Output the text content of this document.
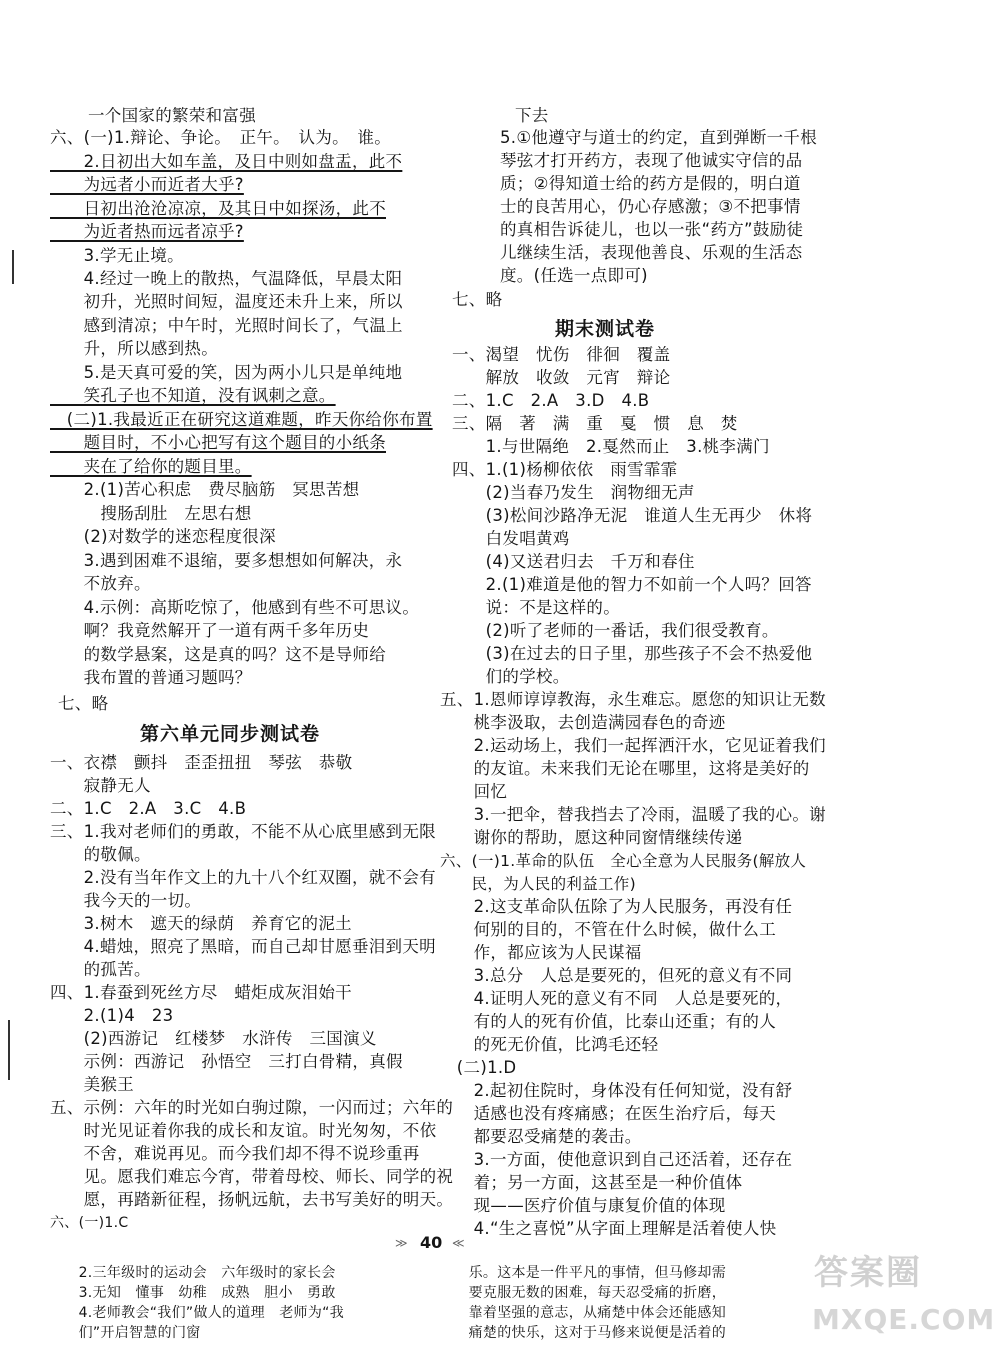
一个国家的繁荣和富强
六、(一)1.辩论、争论。　正午。　认为。　谁。
　　2.日初出大如车盖，及日中则如盘盂，此不
　　为远者小而近者大乎?
　　日初出沧沧凉凉，及其日中如探汤，此不
　　为近者热而远者凉乎?
　　3.学无止境。
　　4.经过一晚上的散热，气温降低，早晨太阳
　　初升，光照时间短，温度还未升上来，所以
　　感到清凉；中午时，光照时间长了，气温上
　　升，所以感到热。
　　5.是天真可爱的笑，因为两小儿只是单纯地
　　笑孔子也不知道，没有讽刺之意。
　(二)1.我最近正在研究这道难题，昨天你给你布置
　　题目时，不小心把写有这个题目的小纸条
　　夹在了给你的题目里。
　　2.(1)苦心积虑　费尽脑筋　冥思苦想
　　　搜肠刮肚　左思右想
　　(2)对数学的迷恋程度很深
　　3.遇到困难不退缩，要多想想如何解决，永
　　不放弃。
　　4.示例：高斯吃惊了，他感到有些不可思议。
　　啊？我竟然解开了一道有两千多年历史
　　的数学悬案，这是真的吗？这不是导师给
　　我布置的普通习题吗？
七、略
第六单元同步测试卷
一、衣襟　颤抖　歪歪扭扭　琴弦　恭敬
　　寂静无人
二、1.C　2.A　3.C　4.B
三、1.我对老师们的勇敢，不能不从心底里感到无限
　　的敬佩。
　　2.没有当年作文上的九十八个红双圈，就不会有
　　我今天的一切。
　　3.树木　遮天的绿荫　养育它的泥土
　　4.蜡烛，照亮了黑暗，而自己却甘愿垂泪到天明
　　的孤苦。
四、1.春蚕到死丝方尽　蜡炬成灰泪始干
　　2.(1)4　23
　　(2)西游记　红楼梦　水浒传　三国演义
　　示例：西游记　孙悟空　三打白骨精，真假
　　美猴王
五、示例：六年的时光如白驹过隙，一闪而过；六年的
　　时光见证着你我的成长和友谊。时光匆匆，不依
　　不舍，难说再见。而今我们却不得不说珍重再
　　见。愿我们难忘今宵，带着母校、师长、同学的祝
　　愿，再踏新征程，扬帆远航，去书写美好的明天。
六、(一)1.C
下去
5.①他遵守与道士的约定，直到弹断一千根
琴弦才打开药方，表现了他诚实守信的品
质；②得知道士给的药方是假的，明白道
士的良苦用心，仍心存感激；③不把事情
的真相告诉徒儿，也以一张“药方”鼓励徒
儿继续生活，表现他善良、乐观的生活态
度。(任选一点即可)
七、略
期末测试卷
一、渴望　忧伤　徘徊　覆盖
　　解放　收敛　元宵　辩论
二、1.C　2.A　3.D　4.B
三、隔　著　满　重　戛　惯　息　焚
　　1.与世隔绝　2.戛然而止　3.桃李满门
四、1.(1)杨柳依依　雨雪霏霏
　　(2)当春乃发生　润物细无声
　　(3)松间沙路净无泥　谁道人生无再少　休将
　　白发唱黄鸡
　　(4)又送君归去　千万和春住
　　2.(1)难道是他的智力不如前一个人吗？回答
　　说：不是这样的。
　　(2)听了老师的一番话，我们很受教育。
　　(3)在过去的日子里，那些孩子不会不热爱他
　　们的学校。
五、1.恩师谆谆教海，永生难忘。愿您的知识让无数
　　桃李汲取，去创造满园春色的奇迹
　　2.运动场上，我们一起挥洒汗水，它见证着我们
　　的友谊。未来我们无论在哪里，这将是美好的
　　回忆
　　3.一把伞，替我挡去了冷雨，温暖了我的心。谢
　　谢你的帮助，愿这种同窗情继续传递
六、(一)1.革命的队伍　全心全意为人民服务(解放人
　　民，为人民的利益工作)
　　2.这支革命队伍除了为人民服务，再没有任
　　何别的目的，不管在什么时候，做什么工
　　作，都应该为人民谋福
　　3.总分　人总是要死的，但死的意义有不同
　　4.证明人死的意义有不同　人总是要死的，
　　有的人的死有价值，比泰山还重；有的人
　　的死无价值，比鸿毛还轻
　(二)1.D
　　2.起初住院时，身体没有任何知觉，没有舒
　　适感也没有疼痛感；在医生治疗后，每天
　　都要忍受痛楚的袭击。
　　3.一方面，使他意识到自己还活着，还存在
　　着；另一方面，这甚至是一种价值体
　　现——医疗价值与康复价值的体现
　　4.“生之喜悦”从字面上理解是活着使人快
　　乐。这本是一件平凡的事情，但马修却需
　　要克服无数的困难，每天忍受痛的折磨，
　　靠着坚强的意志，从痛楚中体会还能感知
　　痛楚的快乐，这对于马修来说便是活着的
　　2.三年级时的运动会　六年级时的家长会
　　3.无知　懂事　幼稚　成熟　胆小　勇敢
　　4.老师教会“我们”做人的道理　老师为“我
　　们”开启智慧的门窗
≫ 40 ≪
答案圈
MXQE.COM
